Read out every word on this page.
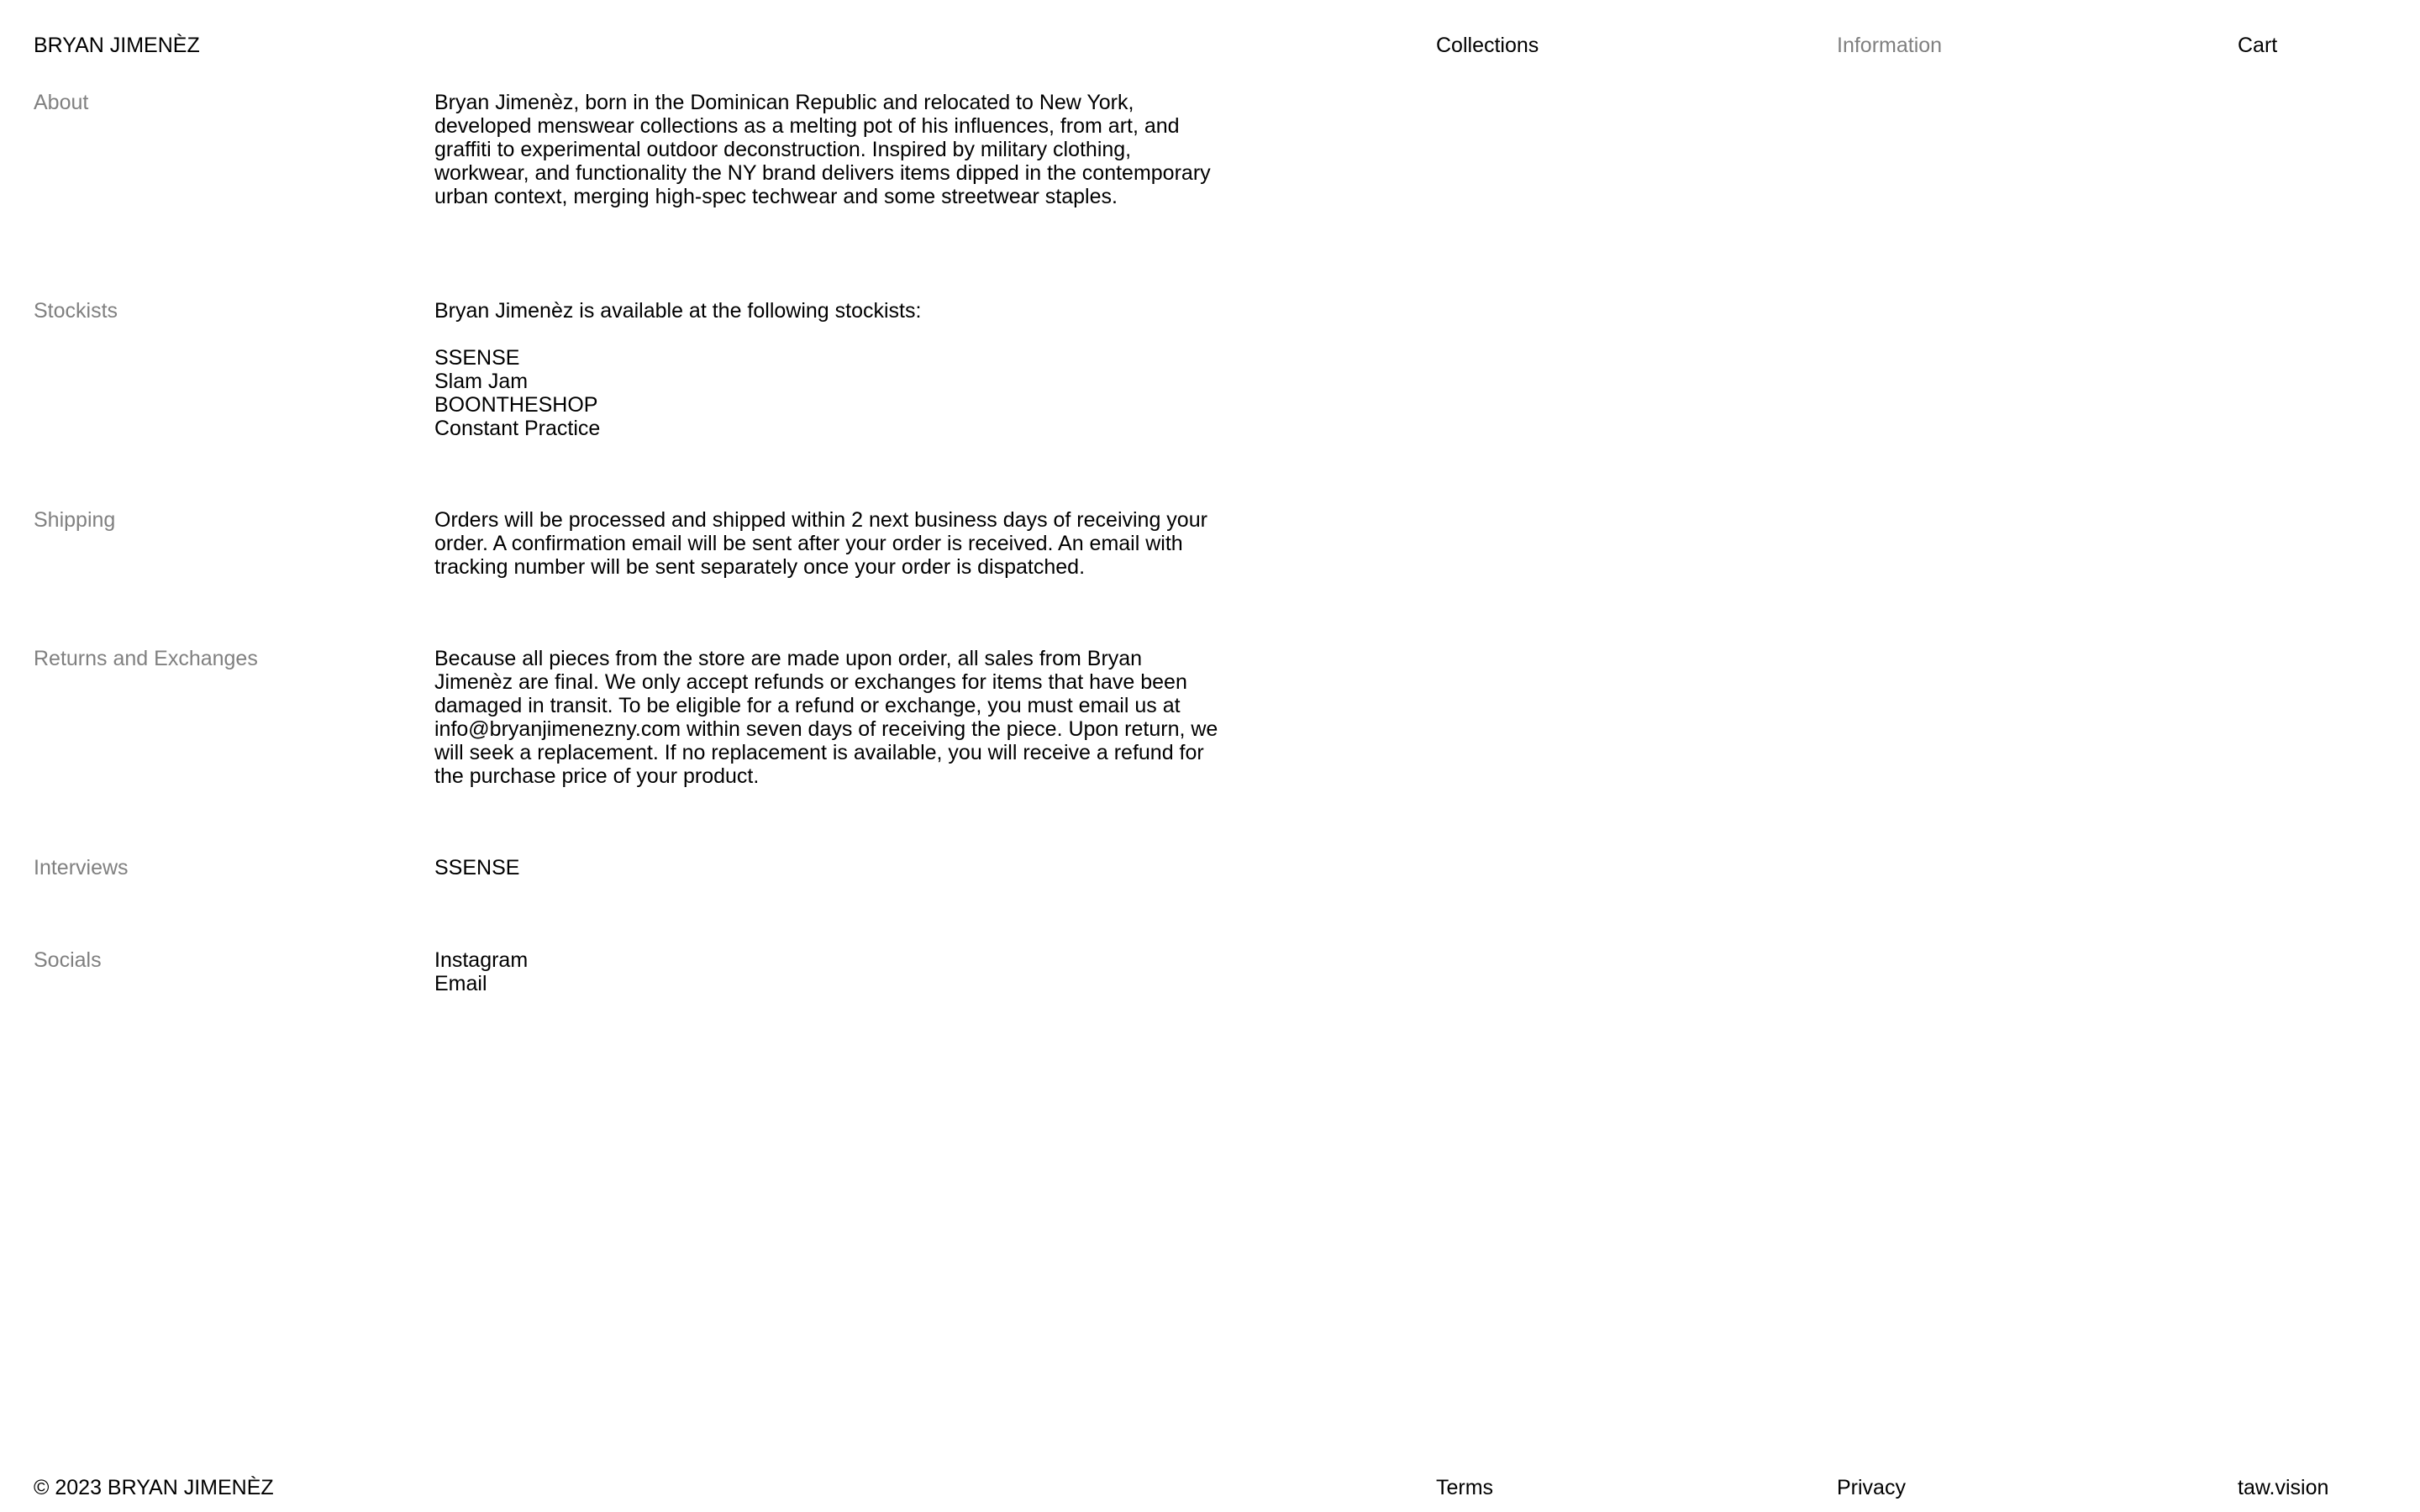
BRYAN JIMENÈZ	Collections	Information	Cart
About	Bryan Jimenèz, born in the Dominican Republic and relocated to New York, developed menswear collections as a melting pot of his influences, from art, and graffiti to experimental outdoor deconstruction. Inspired by military clothing, workwear, and functionality the NY brand delivers items dipped in the contemporary urban context, merging high-spec techwear and some streetwear staples.

Stockists	Bryan Jimenèz is available at the following stockists:

SSENSE
Slam Jam
BOONTHESHOP
Constant Practice
Shipping	Orders will be processed and shipped within 2 next business days of receiving your order. A confirmation email will be sent after your order is received. An email with tracking number will be sent separately once your order is dispatched.

Returns and Exchanges	Because all pieces from the store are made upon order, all sales from Bryan Jimenèz are final. We only accept refunds or exchanges for items that have been damaged in transit. To be eligible for a refund or exchange, you must email us at info@bryanjimenezny.com within seven days of receiving the piece. Upon return, we will seek a replacement. If no replacement is available, you will receive a refund for the purchase price of your product.

Interviews	SSENSE
Socials	Instagram
Email
© 2023 BRYAN JIMENÈZ	Terms	Privacy	taw.vision
